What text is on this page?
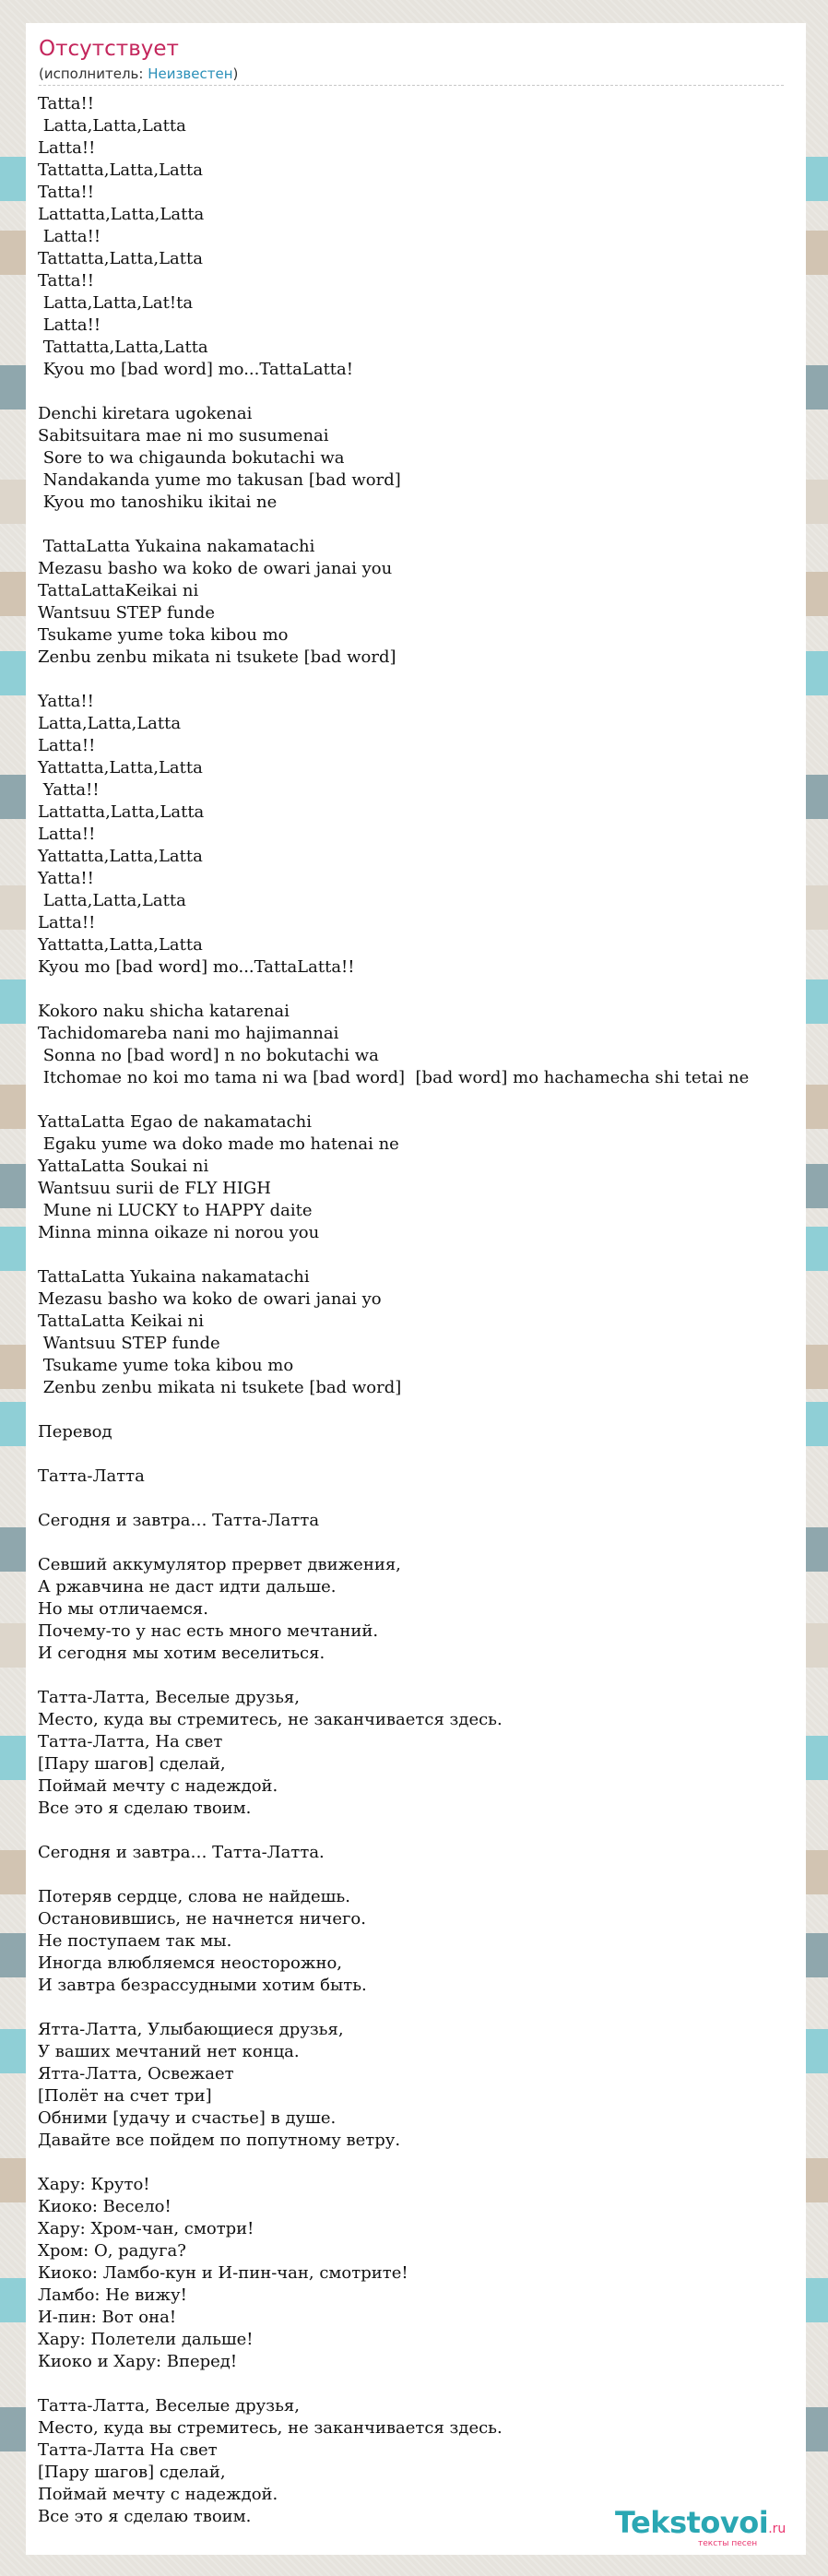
Отсутствует
(исполнитель: Неизвестен)
Tatta!!
Latta,Latta,Latta
Latta!!
Tattatta,Latta,Latta
Tatta!!
Lattatta,Latta,Latta
Latta!!
Tattatta,Latta,Latta
Tatta!!
Latta,Latta,Lat!ta
Latta!!
Tattatta,Latta,Latta
Kyou mo [bad word] mo...TattaLatta!

Denchi kiretara ugokenai
Sabitsuitara mae ni mo susumenai
Sore to wa chigaunda bokutachi wa
Nandakanda yume mo takusan [bad word]
Kyou mo tanoshiku ikitai ne

TattaLatta Yukaina nakamatachi
Mezasu basho wa koko de owari janai you
TattaLattaKeikai ni
Wantsuu STEP funde
Tsukame yume toka kibou mo
Zenbu zenbu mikata ni tsukete [bad word]

Yatta!!
Latta,Latta,Latta
Latta!!
Yattatta,Latta,Latta
Yatta!!
Lattatta,Latta,Latta
Latta!!
Yattatta,Latta,Latta
Yatta!!
Latta,Latta,Latta
Latta!!
Yattatta,Latta,Latta
Kyou mo [bad word] mo...TattaLatta!!

Kokoro naku shicha katarenai
Tachidomareba nani mo hajimannai
Sonna no [bad word] n no bokutachi wa
Itchomae no koi mo tama ni wa [bad word]  [bad word] mo hachamecha shi tetai ne

YattaLatta Egao de nakamatachi
Egaku yume wa doko made mo hatenai ne
YattaLatta Soukai ni
Wantsuu surii de FLY HIGH
Mune ni LUCKY to HAPPY daite
Minna minna oikaze ni norou you

TattaLatta Yukaina nakamatachi
Mezasu basho wa koko de owari janai yo
TattaLatta Keikai ni
Wantsuu STEP funde
Tsukame yume toka kibou mo
Zenbu zenbu mikata ni tsukete [bad word]

Перевод

Татта-Латта

Сегодня и завтра… Татта-Латта

Севший аккумулятор прервет движения,
А ржавчина не даст идти дальше.
Но мы отличаемся.
Почему-то у нас есть много мечтаний.
И сегодня мы хотим веселиться.

Татта-Латта, Веселые друзья,
Место, куда вы стремитесь, не заканчивается здесь.
Татта-Латта, На свет
[Пару шагов] сделай,
Поймай мечту с надеждой.
Все это я сделаю твоим.

Сегодня и завтра… Татта-Латта.

Потеряв сердце, слова не найдешь.
Остановившись, не начнется ничего.
Не поступаем так мы.
Иногда влюбляемся неосторожно,
И завтра безрассудными хотим быть.

Ятта-Латта, Улыбающиеся друзья,
У ваших мечтаний нет конца.
Ятта-Латта, Освежает
[Полёт на счет три]
Обними [удачу и счастье] в душе.
Давайте все пойдем по попутному ветру.

Хару: Круто!
Киоко: Весело!
Хару: Хром-чан, смотри!
Хром: О, радуга?
Киоко: Ламбо-кун и И-пин-чан, смотрите!
Ламбо: Не вижу!
И-пин: Вот она!
Хару: Полетели дальше!
Киоко и Хару: Вперед!

Татта-Латта, Веселые друзья,
Место, куда вы стремитесь, не заканчивается здесь.
Татта-Латта На свет
[Пару шагов] сделай,
Поймай мечту с надеждой.
Все это я сделаю твоим.	Tekstovoi.ru
тексты песен
